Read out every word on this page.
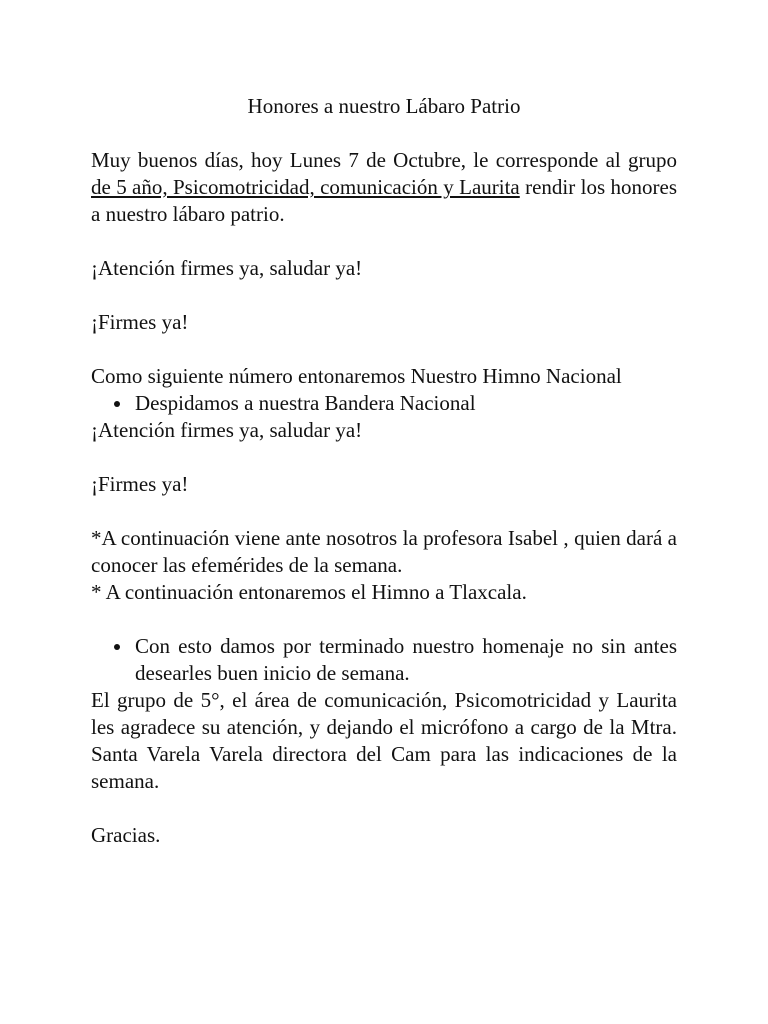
Honores a nuestro Lábaro Patrio
Muy buenos días, hoy Lunes 7 de Octubre, le corresponde al grupo de 5 año, Psicomotricidad, comunicación y Laurita rendir los honores a nuestro lábaro patrio.
¡Atención firmes ya, saludar ya!
¡Firmes ya!
Como siguiente número entonaremos Nuestro Himno Nacional
Despidamos a nuestra Bandera Nacional
¡Atención firmes ya, saludar ya!
¡Firmes ya!
*A continuación viene ante nosotros la profesora Isabel , quien dará a conocer las efemérides de la semana.
* A continuación entonaremos el Himno a Tlaxcala.
Con esto damos por terminado nuestro homenaje no sin antes desearles buen inicio de semana.
El grupo de 5°, el área de comunicación, Psicomotricidad y Laurita les agradece su atención, y dejando el micrófono a cargo de la Mtra. Santa Varela Varela directora del Cam para las indicaciones de la semana.
Gracias.
